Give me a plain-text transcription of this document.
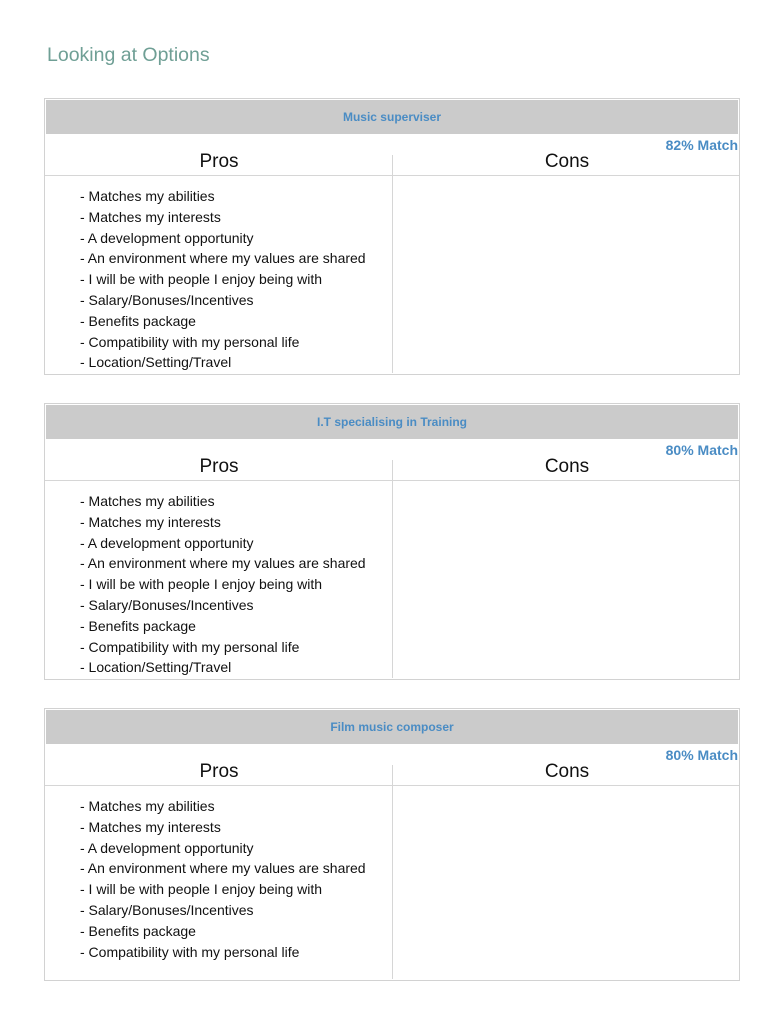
Looking at Options
Music superviser
82% Match
Pros	Cons
- Matches my abilities
- Matches my interests
- A development opportunity
- An environment where my values are shared
- I will be with people I enjoy being with
- Salary/Bonuses/Incentives
- Benefits package
- Compatibility with my personal life
- Location/Setting/Travel
I.T specialising in Training
80% Match
Pros	Cons
- Matches my abilities
- Matches my interests
- A development opportunity
- An environment where my values are shared
- I will be with people I enjoy being with
- Salary/Bonuses/Incentives
- Benefits package
- Compatibility with my personal life
- Location/Setting/Travel
Film music composer
80% Match
Pros	Cons
- Matches my abilities
- Matches my interests
- A development opportunity
- An environment where my values are shared
- I will be with people I enjoy being with
- Salary/Bonuses/Incentives
- Benefits package
- Compatibility with my personal life
